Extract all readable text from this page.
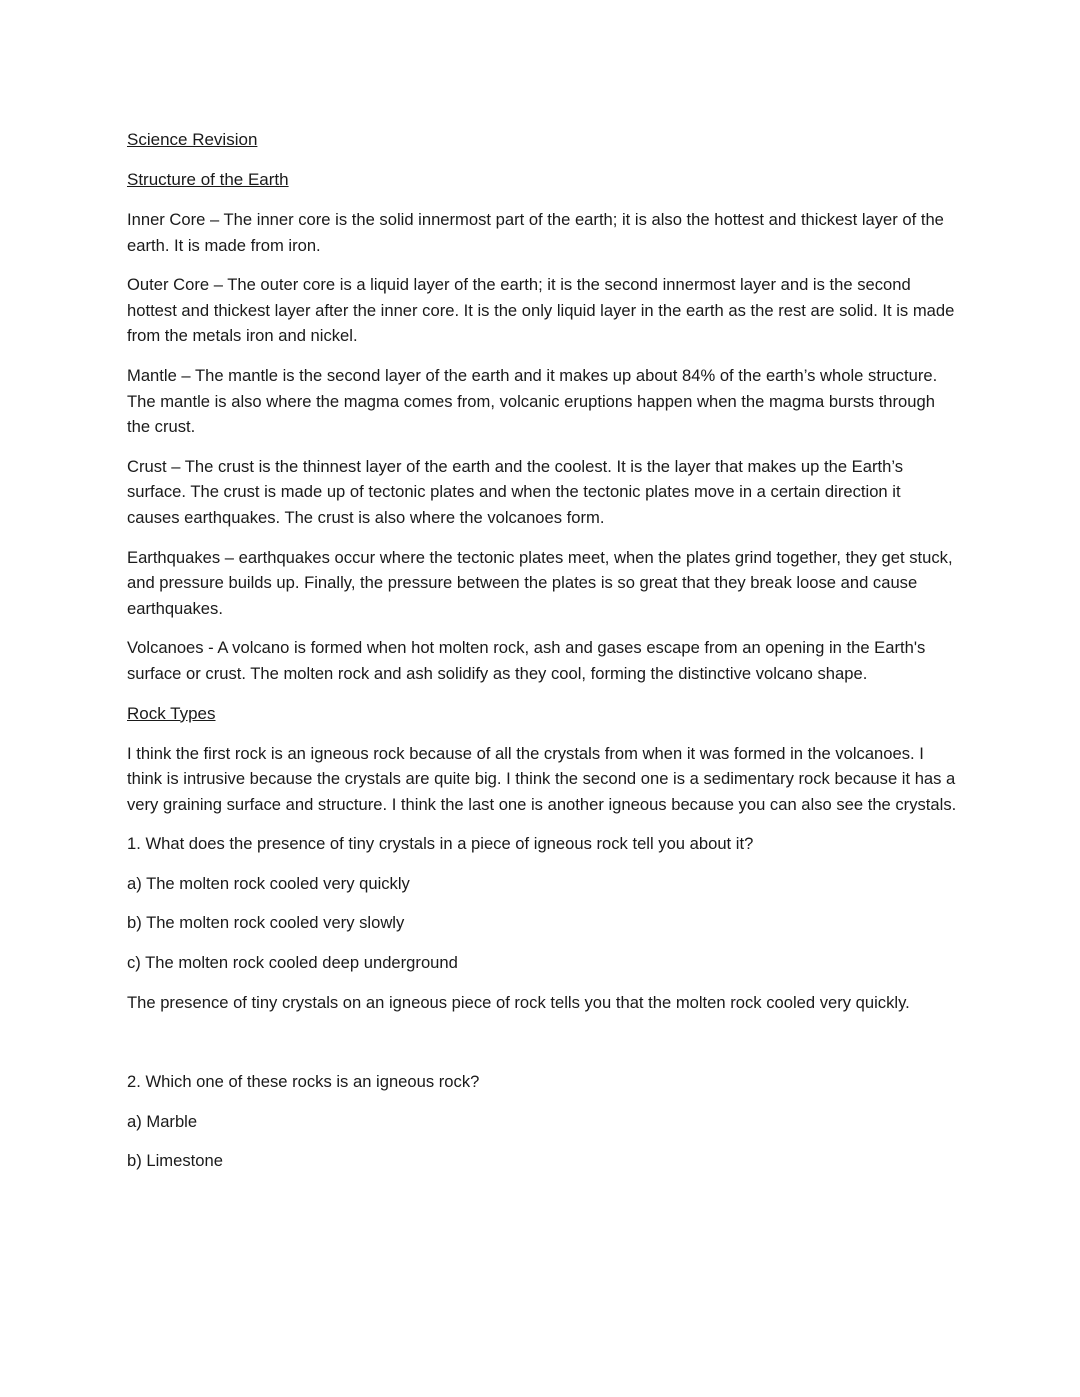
Science Revision
Structure of the Earth

Inner Core – The inner core is the solid innermost part of the earth; it is also the hottest and thickest layer of the earth. It is made from iron.

Outer Core – The outer core is a liquid layer of the earth; it is the second innermost layer and is the second hottest and thickest layer after the inner core. It is the only liquid layer in the earth as the rest are solid. It is made from the metals iron and nickel.

Mantle – The mantle is the second layer of the earth and it makes up about 84% of the earth’s whole structure. The mantle is also where the magma comes from, volcanic eruptions happen when the magma bursts through the crust.

Crust – The crust is the thinnest layer of the earth and the coolest. It is the layer that makes up the Earth’s surface. The crust is made up of tectonic plates and when the tectonic plates move in a certain direction it causes earthquakes. The crust is also where the volcanoes form.

Earthquakes – earthquakes occur where the tectonic plates meet, when the plates grind together, they get stuck, and pressure builds up. Finally, the pressure between the plates is so great that they break loose and cause earthquakes.

Volcanoes - A volcano is formed when hot molten rock, ash and gases escape from an opening in the Earth's surface or crust. The molten rock and ash solidify as they cool, forming the distinctive volcano shape.

Rock Types

I think the first rock is an igneous rock because of all the crystals from when it was formed in the volcanoes. I think is intrusive because the crystals are quite big. I think the second one is a sedimentary rock because it has a very graining surface and structure. I think the last one is another igneous because you can also see the crystals.

1. What does the presence of tiny crystals in a piece of igneous rock tell you about it?

a) The molten rock cooled very quickly

b) The molten rock cooled very slowly

c) The molten rock cooled deep underground

The presence of tiny crystals on an igneous piece of rock tells you that the molten rock cooled very quickly.

2. Which one of these rocks is an igneous rock?

a) Marble

b) Limestone
